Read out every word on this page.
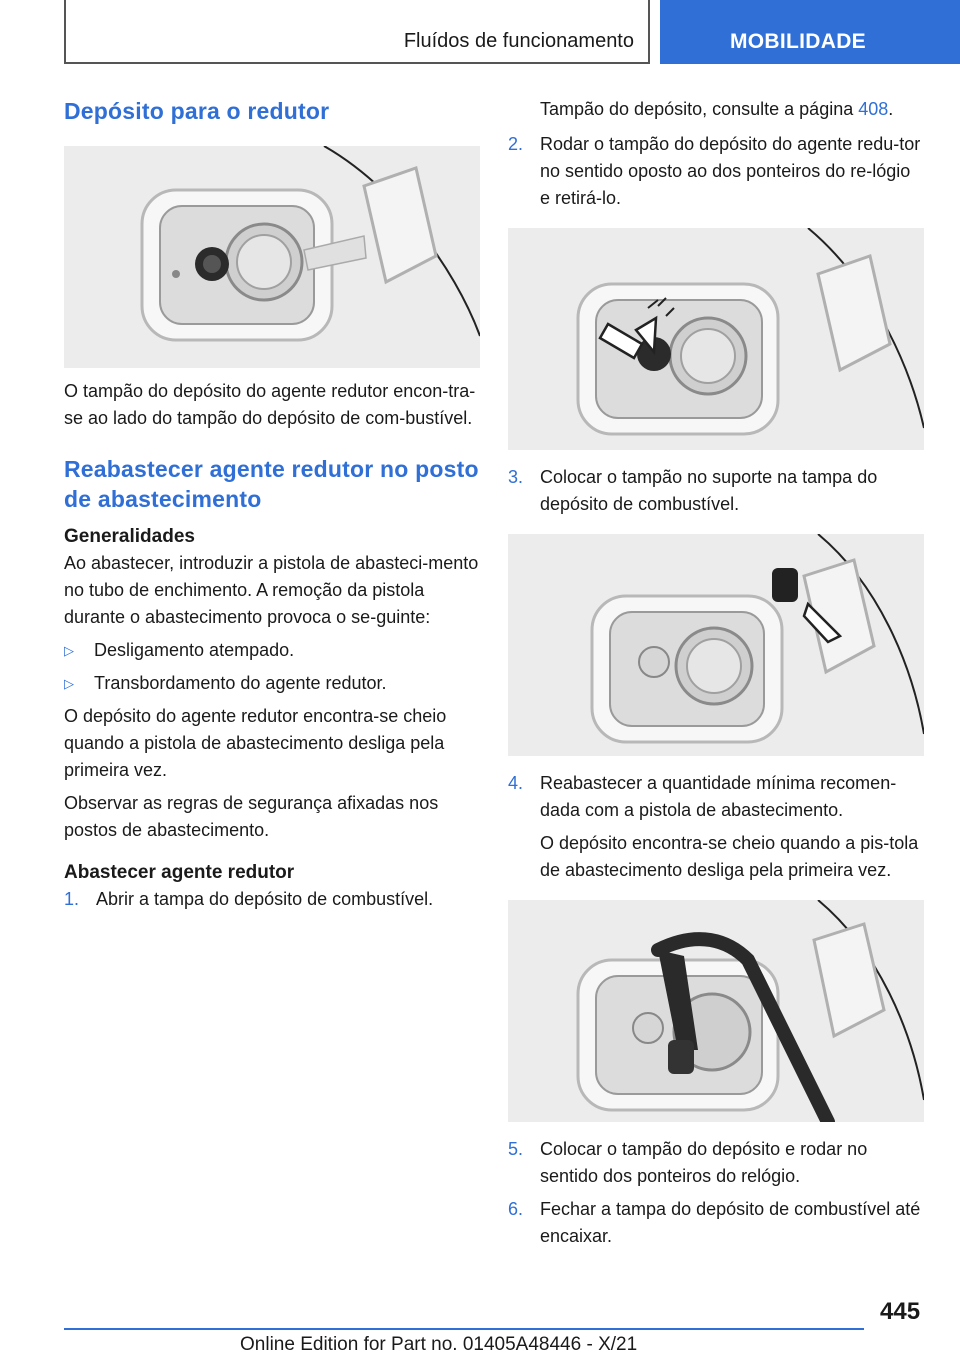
Fluídos de funcionamento	MOBILIDADE
Depósito para o redutor

O tampão do depósito do agente redutor encon-tra-se ao lado do tampão do depósito de com-bustível.

Reabastecer agente redutor no posto de abastecimento
Generalidades

Ao abastecer, introduzir a pistola de abasteci-mento no tubo de enchimento. A remoção da pistola durante o abastecimento provoca o se-guinte:

▷	Desligamento atempado.
▷	Transbordamento do agente redutor.

O depósito do agente redutor encontra-se cheio quando a pistola de abastecimento desliga pela primeira vez.

Observar as regras de segurança afixadas nos postos de abastecimento.

Abastecer agente redutor
1. Abrir a tampa do depósito de combustível.

Tampão do depósito, consulte a página 408.

2. Rodar o tampão do depósito do agente redu-tor no sentido oposto ao dos ponteiros do re-lógio e retirá-lo.
3. Colocar o tampão no suporte na tampa do depósito de combustível.
4. Reabastecer a quantidade mínima recomen-dada com a pistola de abastecimento.

O depósito encontra-se cheio quando a pis-tola de abastecimento desliga pela primeira vez.

5. Colocar o tampão do depósito e rodar no sentido dos ponteiros do relógio.
6. Fechar a tampa do depósito de combustível até encaixar.
445
Online Edition for Part no. 01405A48446 - X/21
